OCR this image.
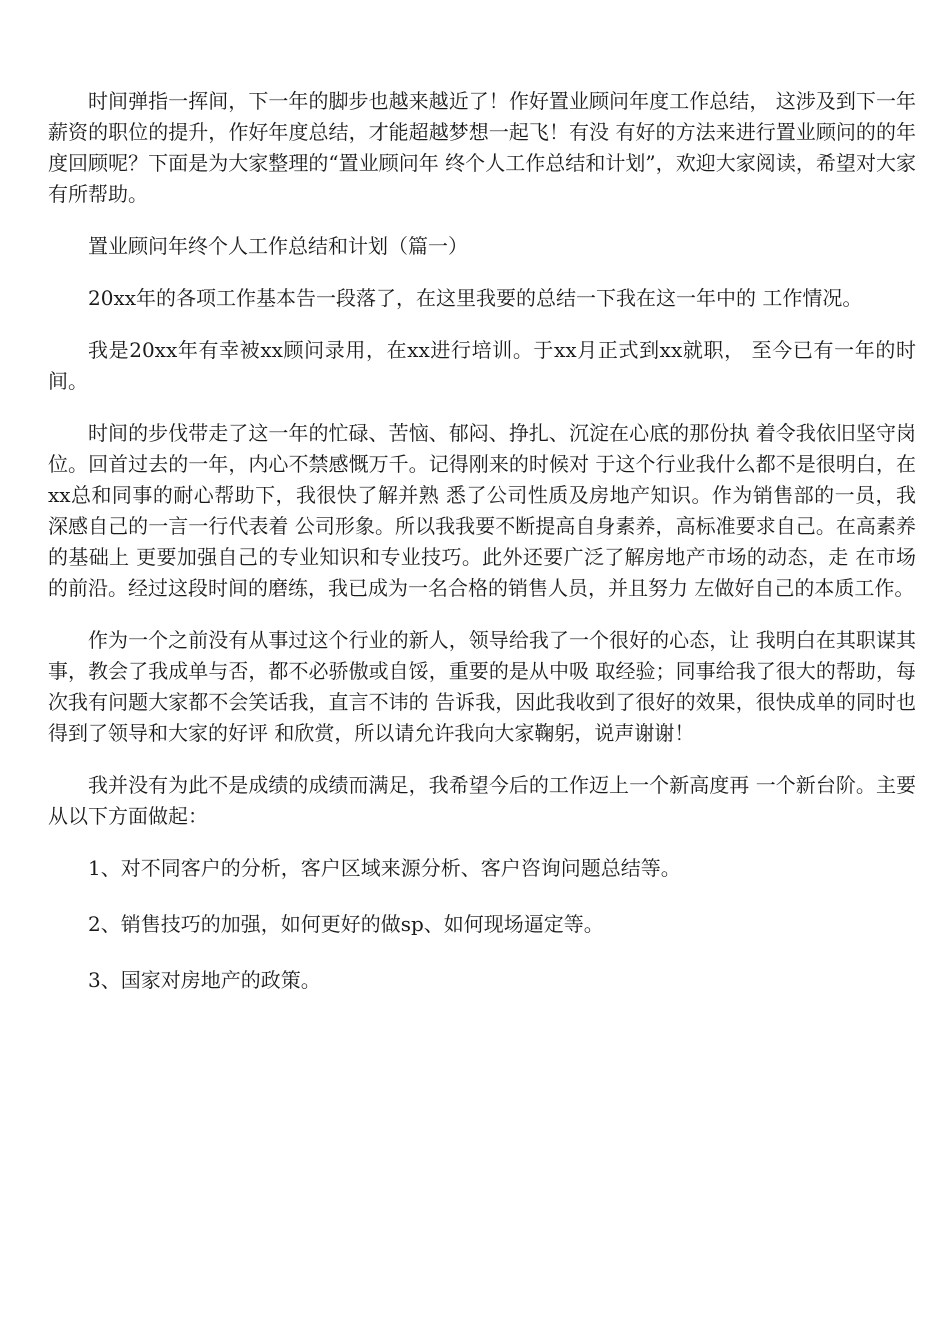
时间弹指一挥间，下一年的脚步也越来越近了！作好置业顾问年度工作总结， 这涉及到下一年薪资的职位的提升，作好年度总结，才能超越梦想一起飞！有没 有好的方法来进行置业顾问的的年度回顾呢？下面是为大家整理的“置业顾问年 终个人工作总结和计划”，欢迎大家阅读，希望对大家有所帮助。

置业顾问年终个人工作总结和计划（篇一）

20xx年的各项工作基本告一段落了，在这里我要的总结一下我在这一年中的 工作情况。

我是20xx年有幸被xx顾问录用，在xx进行培训。于xx月正式到xx就职， 至今已有一年的时间。

时间的步伐带走了这一年的忙碌、苦恼、郁闷、挣扎、沉淀在心底的那份执 着令我依旧坚守岗位。回首过去的一年，内心不禁感慨万千。记得刚来的时候对 于这个行业我什么都不是很明白，在xx总和同事的耐心帮助下，我很快了解并熟 悉了公司性质及房地产知识。作为销售部的一员，我深感自己的一言一行代表着 公司形象。所以我我要不断提高自身素养，高标准要求自己。在高素养的基础上 更要加强自己的专业知识和专业技巧。此外还要广泛了解房地产市场的动态，走 在市场的前沿。经过这段时间的磨练，我已成为一名合格的销售人员，并且努力 左做好自己的本质工作。

作为一个之前没有从事过这个行业的新人，领导给我了一个很好的心态，让 我明白在其职谋其事，教会了我成单与否，都不必骄傲或自馁，重要的是从中吸 取经验；同事给我了很大的帮助，每次我有问题大家都不会笑话我，直言不讳的 告诉我，因此我收到了很好的效果，很快成单的同时也得到了领导和大家的好评 和欣赏，所以请允许我向大家鞠躬，说声谢谢！

我并没有为此不是成绩的成绩而满足，我希望今后的工作迈上一个新高度再 一个新台阶。主要从以下方面做起：

1、对不同客户的分析，客户区域来源分析、客户咨询问题总结等。

2、销售技巧的加强，如何更好的做sp、如何现场逼定等。

3、国家对房地产的政策。
